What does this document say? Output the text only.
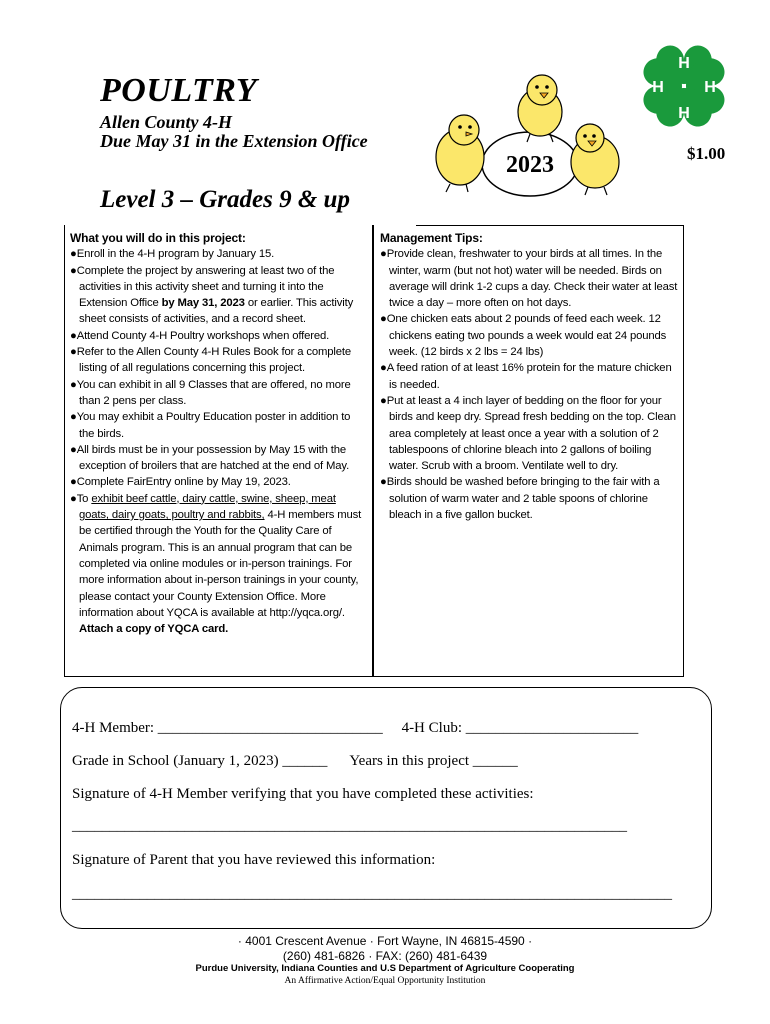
POULTRY
Allen County 4-H
Due May 31 in the Extension Office
Level 3 – Grades 9 & up
$1.00
2023
H
H
H
H
What you will do in this project:

●Enroll in the 4-H program by January 15.

●Complete the project by answering at least two of the activities in this activity sheet and turning it into the Extension Office by May 31, 2023 or earlier. This activity sheet consists of activities, and a record sheet.

●Attend County 4-H Poultry workshops when offered.

●Refer to the Allen County 4-H Rules Book for a complete listing of all regulations concerning this project.

●You can exhibit in all 9 Classes that are offered, no more than 2 pens per class.

●You may exhibit a Poultry Education poster in addition to the birds.

●All birds must be in your possession by May 15 with the exception of broilers that are hatched at the end of May.

●Complete FairEntry online by May 19, 2023.

●To exhibit beef cattle, dairy cattle, swine, sheep, meat goats, dairy goats, poultry and rabbits, 4-H members must be certified through the Youth for the Quality Care of Animals program. This is an annual program that can be completed via online modules or in-person trainings. For more information about in-person trainings in your county, please contact your County Extension Office. More information about YQCA is available at http://yqca.org/. Attach a copy of YQCA card.

Management Tips:

●Provide clean, freshwater to your birds at all times. In the winter, warm (but not hot) water will be needed. Birds on average will drink 1-2 cups a day. Check their water at least twice a day – more often on hot days.

●One chicken eats about 2 pounds of feed each week. 12 chickens eating two pounds a week would eat 24 pounds week. (12 birds x 2 lbs = 24 lbs)

●A feed ration of at least 16% protein for the mature chicken is needed.

●Put at least a 4 inch layer of bedding on the floor for your birds and keep dry. Spread fresh bedding on the top. Clean area completely at least once a year with a solution of 2 tablespoons of chlorine bleach into 2 gallons of boiling water. Scrub with a broom. Ventilate well to dry.

●Birds should be washed before bringing to the fair with a solution of warm water and 2 table spoons of chlorine bleach in a five gallon bucket.

4-H Member: ______________________________ 4-H Club: _______________________
Grade in School (January 1, 2023) ______ Years in this project ______
Signature of 4-H Member verifying that you have completed these activities:
__________________________________________________________________________
Signature of Parent that you have reviewed this information:
________________________________________________________________________________
· 4001 Crescent Avenue · Fort Wayne, IN 46815-4590 ·
(260) 481-6826 · FAX: (260) 481-6439
Purdue University, Indiana Counties and U.S Department of Agriculture Cooperating
An Affirmative Action/Equal Opportunity Institution
